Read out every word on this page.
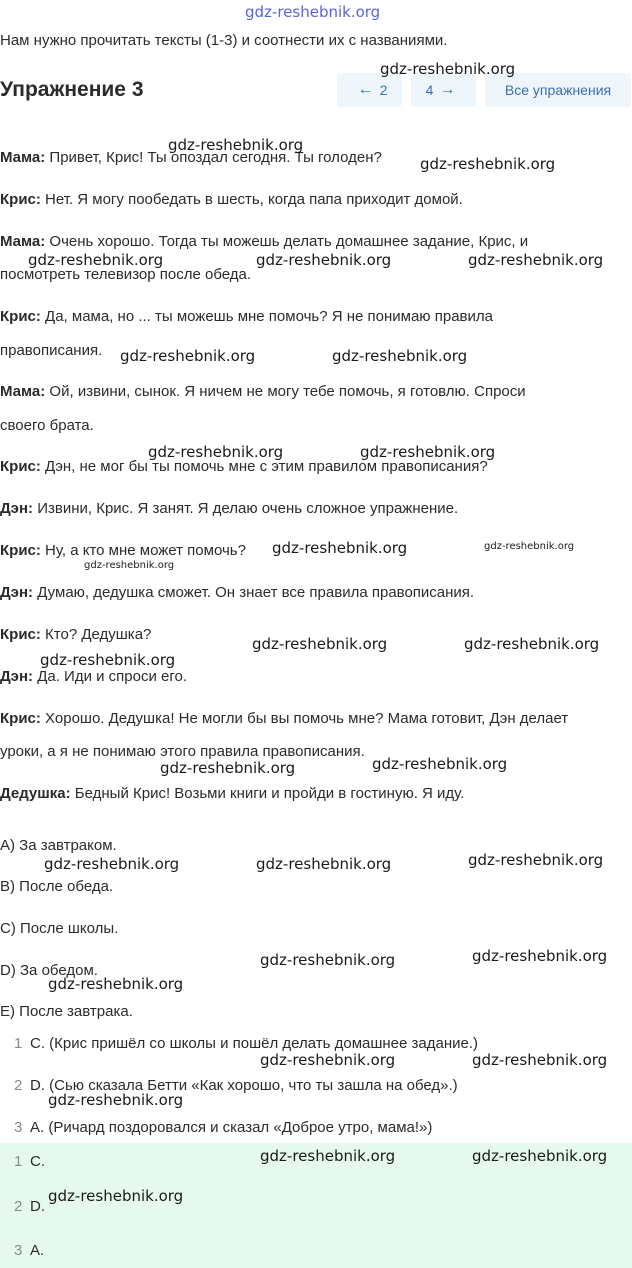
gdz-reshebnik.org
Нам нужно прочитать тексты (1-3) и соотнести их с названиями.
Упражнение 3	← 2	4 →	Все упражнения
Мама: Привет, Крис! Ты опоздал сегодня. Ты голоден?
Крис: Нет. Я могу пообедать в шесть, когда папа приходит домой.
Мама: Очень хорошо. Тогда ты можешь делать домашнее задание, Крис, и
посмотреть телевизор после обеда.
Крис: Да, мама, но ... ты можешь мне помочь? Я не понимаю правила
правописания.
Мама: Ой, извини, сынок. Я ничем не могу тебе помочь, я готовлю. Спроси
своего брата.
Крис: Дэн, не мог бы ты помочь мне с этим правилом правописания?
Дэн: Извини, Крис. Я занят. Я делаю очень сложное упражнение.
Крис: Ну, а кто мне может помочь?
Дэн: Думаю, дедушка сможет. Он знает все правила правописания.
Крис: Кто? Дедушка?
Дэн: Да. Иди и спроси его.
Крис: Хорошо. Дедушка! Не могли бы вы помочь мне? Мама готовит, Дэн делает
уроки, а я не понимаю этого правила правописания.
Дедушка: Бедный Крис! Возьми книги и пройди в гостиную. Я иду.
A) За завтраком.
B) После обеда.
C) После школы.
D) За обедом.
E) После завтрака.
1 C. (Крис пришёл со школы и пошёл делать домашнее задание.)
2 D. (Сью сказала Бетти «Как хорошо, что ты зашла на обед».)
3 A. (Ричард поздоровался и сказал «Доброе утро, мама!»)
1 C.
2 D.
3 A.
gdz-reshebnik.org
gdz-reshebnik.org
gdz-reshebnik.org
gdz-reshebnik.org	gdz-reshebnik.org	gdz-reshebnik.org
gdz-reshebnik.org	gdz-reshebnik.org
gdz-reshebnik.org	gdz-reshebnik.org
gdz-reshebnik.org	gdz-reshebnik.org
gdz-reshebnik.org
gdz-reshebnik.org	gdz-reshebnik.org
gdz-reshebnik.org
gdz-reshebnik.org	gdz-reshebnik.org
gdz-reshebnik.org	gdz-reshebnik.org	gdz-reshebnik.org
gdz-reshebnik.org	gdz-reshebnik.org
gdz-reshebnik.org
gdz-reshebnik.org	gdz-reshebnik.org
gdz-reshebnik.org
gdz-reshebnik.org	gdz-reshebnik.org
gdz-reshebnik.org
